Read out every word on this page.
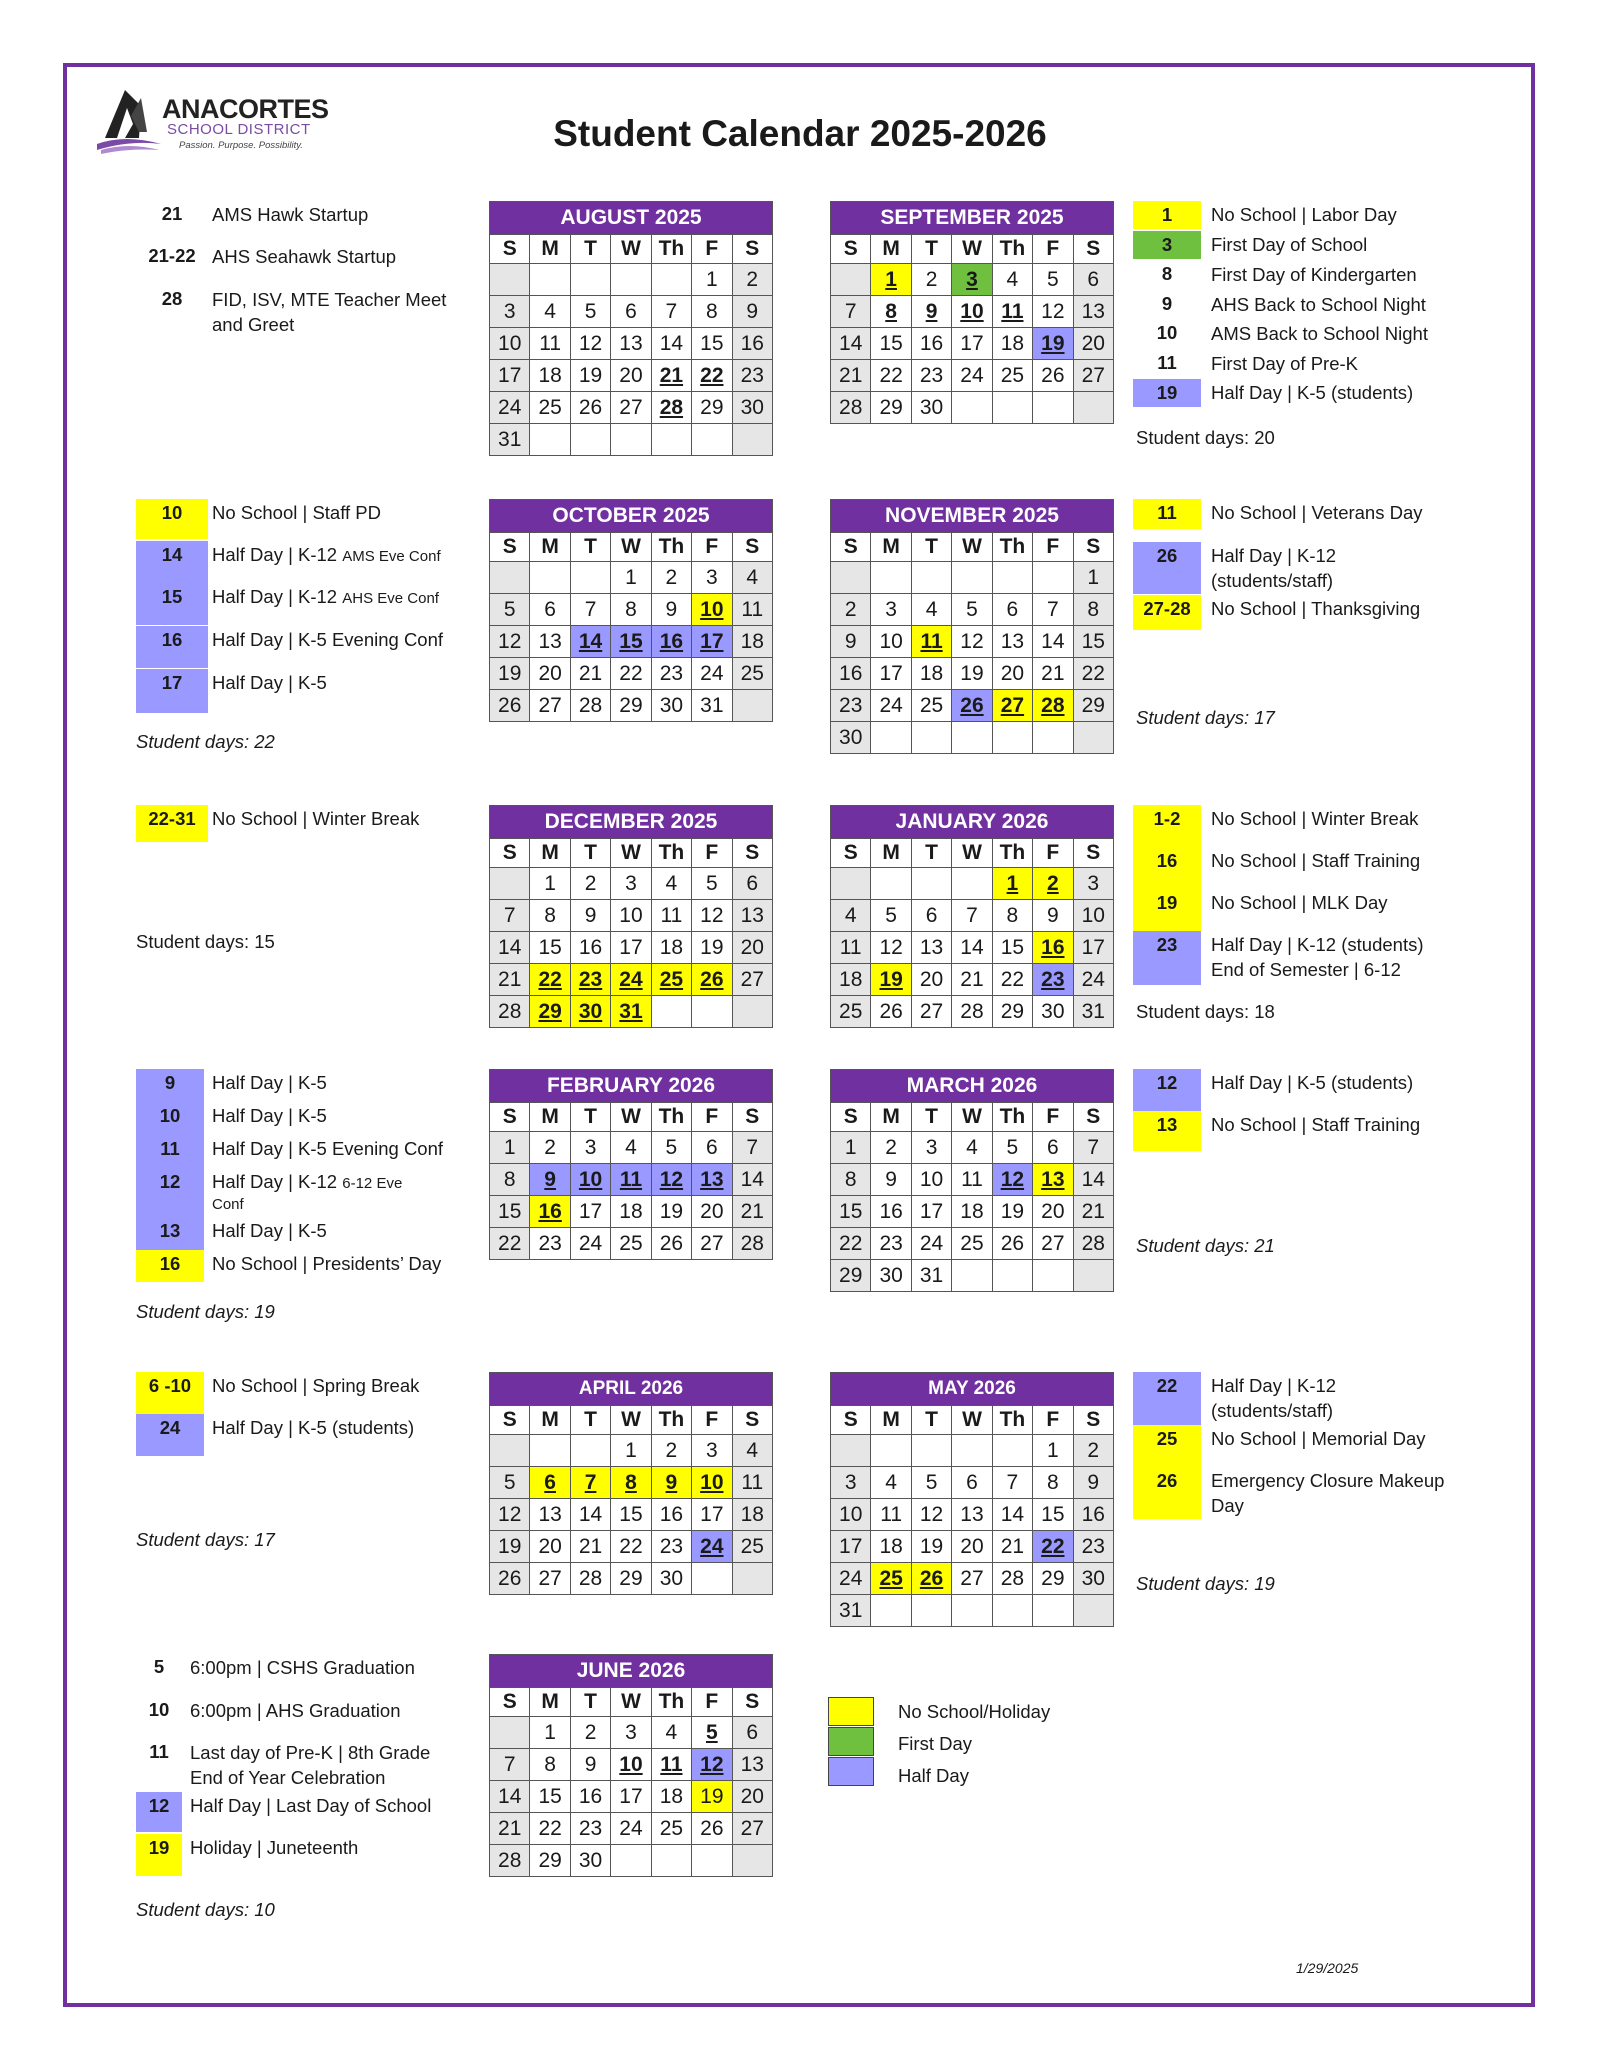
ANACORTES
SCHOOL DISTRICT
Passion. Purpose. Possibility.	Student Calendar 2025-2026
AUGUST 2025						
S	M	T	W	Th	F	S
					1	2
3	4	5	6	7	8	9
10	11	12	13	14	15	16
17	18	19	20	21	22	23
24	25	26	27	28	29	30
31						
SEPTEMBER 2025						
S	M	T	W	Th	F	S
	1	2	3	4	5	6
7	8	9	10	11	12	13
14	15	16	17	18	19	20
21	22	23	24	25	26	27
28	29	30				
OCTOBER 2025						
S	M	T	W	Th	F	S
			1	2	3	4
5	6	7	8	9	10	11
12	13	14	15	16	17	18
19	20	21	22	23	24	25
26	27	28	29	30	31	
NOVEMBER 2025						
S	M	T	W	Th	F	S
						1
2	3	4	5	6	7	8
9	10	11	12	13	14	15
16	17	18	19	20	21	22
23	24	25	26	27	28	29
30						
DECEMBER 2025						
S	M	T	W	Th	F	S
	1	2	3	4	5	6
7	8	9	10	11	12	13
14	15	16	17	18	19	20
21	22	23	24	25	26	27
28	29	30	31			
JANUARY 2026						
S	M	T	W	Th	F	S
				1	2	3
4	5	6	7	8	9	10
11	12	13	14	15	16	17
18	19	20	21	22	23	24
25	26	27	28	29	30	31
FEBRUARY 2026						
S	M	T	W	Th	F	S
1	2	3	4	5	6	7
8	9	10	11	12	13	14
15	16	17	18	19	20	21
22	23	24	25	26	27	28
MARCH 2026						
S	M	T	W	Th	F	S
1	2	3	4	5	6	7
8	9	10	11	12	13	14
15	16	17	18	19	20	21
22	23	24	25	26	27	28
29	30	31				
APRIL 2026						
S	M	T	W	Th	F	S
			1	2	3	4
5	6	7	8	9	10	11
12	13	14	15	16	17	18
19	20	21	22	23	24	25
26	27	28	29	30		
MAY 2026						
S	M	T	W	Th	F	S
					1	2
3	4	5	6	7	8	9
10	11	12	13	14	15	16
17	18	19	20	21	22	23
24	25	26	27	28	29	30
31						
JUNE 2026						
S	M	T	W	Th	F	S
	1	2	3	4	5	6
7	8	9	10	11	12	13
14	15	16	17	18	19	20
21	22	23	24	25	26	27
28	29	30				
21	AMS Hawk Startup
21-22 AHS Seahawk Startup
28	FID, ISV, MTE Teacher Meet
and Greet
1	No School | Labor Day
3	First Day of School
8	First Day of Kindergarten
9	AHS Back to School Night
10	AMS Back to School Night
11	First Day of Pre-K
19	Half Day | K-5 (students)
10	No School | Staff PD
14	Half Day | K-12 AMS Eve Conf
15	Half Day | K-12 AHS Eve Conf
16	Half Day | K-5 Evening Conf
17	Half Day | K-5
11	No School | Veterans Day
26	Half Day | K-12
(students/staff)
27-28	No School | Thanksgiving
22-31 No School | Winter Break	1-2	No School | Winter Break
16	No School | Staff Training
19	No School | MLK Day
23	Half Day | K-12 (students)
End of Semester | 6-12
9	Half Day | K-5
10	Half Day | K-5
11	Half Day | K-5 Evening Conf
12	Half Day | K-12 6-12 Eve
Conf
13	Half Day | K-5
16	No School | Presidents’ Day
12	Half Day | K-5 (students)
13	No School | Staff Training
6 -10	No School | Spring Break
24	Half Day | K-5 (students)
22	Half Day | K-12
(students/staff)
25	No School | Memorial Day
26	Emergency Closure Makeup
Day
5	6:00pm | CSHS Graduation
10	6:00pm | AHS Graduation
11	Last day of Pre-K | 8th Grade
End of Year Celebration
12	Half Day | Last Day of School
19	Holiday | Juneteenth
Student days: 20
Student days: 22
Student days: 17
Student days: 15
Student days: 18
Student days: 19
Student days: 21
Student days: 17
Student days: 19
Student days: 10
No School/Holiday
First Day
Half Day
1/29/2025
